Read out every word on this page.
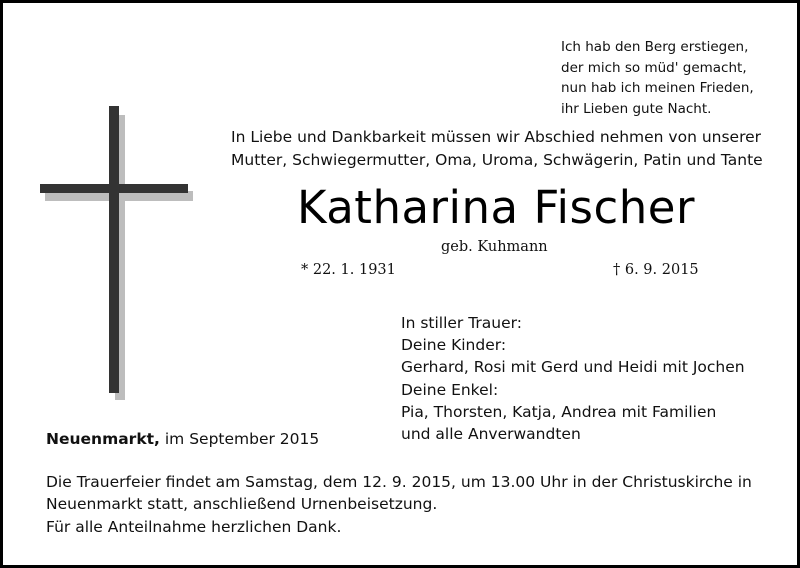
Ich hab den Berg erstiegen,
der mich so müd' gemacht,
nun hab ich meinen Frieden,
ihr Lieben gute Nacht.
In Liebe und Dankbarkeit müssen wir Abschied nehmen von unserer
Mutter, Schwiegermutter, Oma, Uroma, Schwägerin, Patin und Tante
Katharina Fischer
geb. Kuhmann
* 22. 1. 1931	† 6. 9. 2015
In stiller Trauer:
Deine Kinder:
Gerhard, Rosi mit Gerd und Heidi mit Jochen
Deine Enkel:
Pia, Thorsten, Katja, Andrea mit Familien
und alle Anverwandten
Neuenmarkt, im September 2015
Die Trauerfeier findet am Samstag, dem 12. 9. 2015, um 13.00 Uhr in der Christuskirche in
Neuenmarkt statt, anschließend Urnenbeisetzung.
Für alle Anteilnahme herzlichen Dank.
